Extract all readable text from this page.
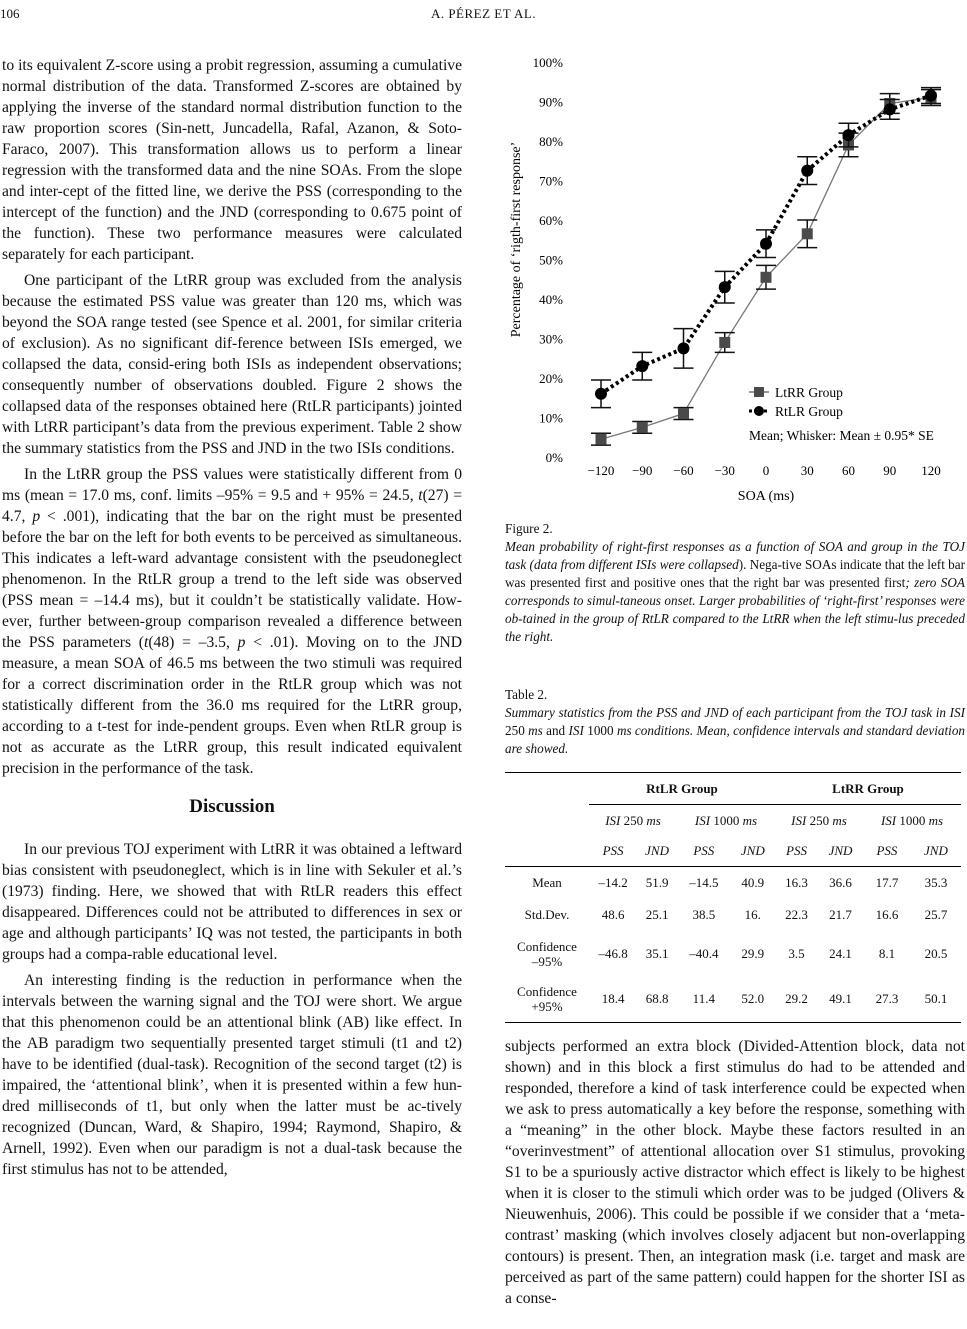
106	A. PÉREZ ET AL.

to its equivalent Z-score using a probit regression, assuming a cumulative normal distribution of the data. Transformed Z-scores are obtained by applying the inverse of the standard normal distribution function to the raw proportion scores (Sin-nett, Juncadella, Rafal, Azanon, & Soto-Faraco, 2007). This transformation allows us to perform a linear regression with the transformed data and the nine SOAs. From the slope and inter-cept of the fitted line, we derive the PSS (corresponding to the intercept of the function) and the JND (corresponding to 0.675 point of the function). These two performance measures were calculated separately for each participant.

One participant of the LtRR group was excluded from the analysis because the estimated PSS value was greater than 120 ms, which was beyond the SOA range tested (see Spence et al. 2001, for similar criteria of exclusion). As no significant dif-ference between ISIs emerged, we collapsed the data, consid-ering both ISIs as independent observations; consequently number of observations doubled. Figure 2 shows the collapsed data of the responses obtained here (RtLR participants) jointed with LtRR participant’s data from the previous experiment. Table 2 show the summary statistics from the PSS and JND in the two ISIs conditions.

In the LtRR group the PSS values were statistically different from 0 ms (mean = 17.0 ms, conf. limits –95% = 9.5 and + 95% = 24.5, t(27) = 4.7, p < .001), indicating that the bar on the right must be presented before the bar on the left for both events to be perceived as simultaneous. This indicates a left-ward advantage consistent with the pseudoneglect phenomenon. In the RtLR group a trend to the left side was observed (PSS mean = –14.4 ms), but it couldn’t be statistically validate. How-ever, further between-group comparison revealed a difference between the PSS parameters (t(48) = –3.5, p < .01). Moving on to the JND measure, a mean SOA of 46.5 ms between the two stimuli was required for a correct discrimination order in the RtLR group which was not statistically different from the 36.0 ms required for the LtRR group, according to a t-test for inde-pendent groups. Even when RtLR group is not as accurate as the LtRR group, this result indicated equivalent precision in the performance of the task.

Discussion

In our previous TOJ experiment with LtRR it was obtained a leftward bias consistent with pseudoneglect, which is in line with Sekuler et al.’s (1973) finding. Here, we showed that with RtLR readers this effect disappeared. Differences could not be attributed to differences in sex or age and although participants’ IQ was not tested, the participants in both groups had a compa-rable educational level.

An interesting finding is the reduction in performance when the intervals between the warning signal and the TOJ were short. We argue that this phenomenon could be an attentional blink (AB) like effect. In the AB paradigm two sequentially presented target stimuli (t1 and t2) have to be identified (dual-task). Recognition of the second target (t2) is impaired, the ‘attentional blink’, when it is presented within a few hun-dred milliseconds of t1, but only when the latter must be ac-tively recognized (Duncan, Ward, & Shapiro, 1994; Raymond, Shapiro, & Arnell, 1992). Even when our paradigm is not a dual-task because the first stimulus has not to be attended,

0%
10%
20%
30%
40%
50%
60%
70%
80%
90%
100%
−120 −90 −60 −30 0 30 60 90 120
SOA (ms)
Percentage of ‘rigth-first response’
LtRR Group
RtLR Group
Mean; Whisker: Mean ± 0.95* SE
Figure 2.
Mean probability of right-first responses as a function of SOA and group in the TOJ task (data from different ISIs were collapsed). Nega-tive SOAs indicate that the left bar was presented first and positive ones that the right bar was presented first; zero SOA corresponds to simul-taneous onset. Larger probabilities of ‘right-first’ responses were ob-tained in the group of RtLR compared to the LtRR when the left stimu-lus preceded the right.
Table 2.
Summary statistics from the PSS and JND of each participant from the TOJ task in ISI 250 ms and ISI 1000 ms conditions. Mean, confidence intervals and standard deviation are showed.
	RtLR Group				LtRR Group			
	ISI 250 ms		ISI 1000 ms		ISI 250 ms		ISI 1000 ms	
	PSS	JND	PSS	JND	PSS	JND	PSS	JND
Mean	–14.2	51.9	–14.5	40.9	16.3	36.6	17.7	35.3
Std.Dev.	48.6	25.1	38.5	16.	22.3	21.7	16.6	25.7
Confidence
–95%	–46.8	35.1	–40.4	29.9	3.5	24.1	8.1	20.5
Confidence
+95%	18.4	68.8	11.4	52.0	29.2	49.1	27.3	50.1

subjects performed an extra block (Divided-Attention block, data not shown) and in this block a first stimulus do had to be attended and responded, therefore a kind of task interference could be expected when we ask to press automatically a key before the response, something with a “meaning” in the other block. Maybe these factors resulted in an “overinvestment” of attentional allocation over S1 stimulus, provoking S1 to be a spuriously active distractor which effect is likely to be highest when it is closer to the stimuli which order was to be judged (Olivers & Nieuwenhuis, 2006). This could be possible if we consider that a ‘meta-contrast’ masking (which involves closely adjacent but non-overlapping contours) is present. Then, an integration mask (i.e. target and mask are perceived as part of the same pattern) could happen for the shorter ISI as a conse-
